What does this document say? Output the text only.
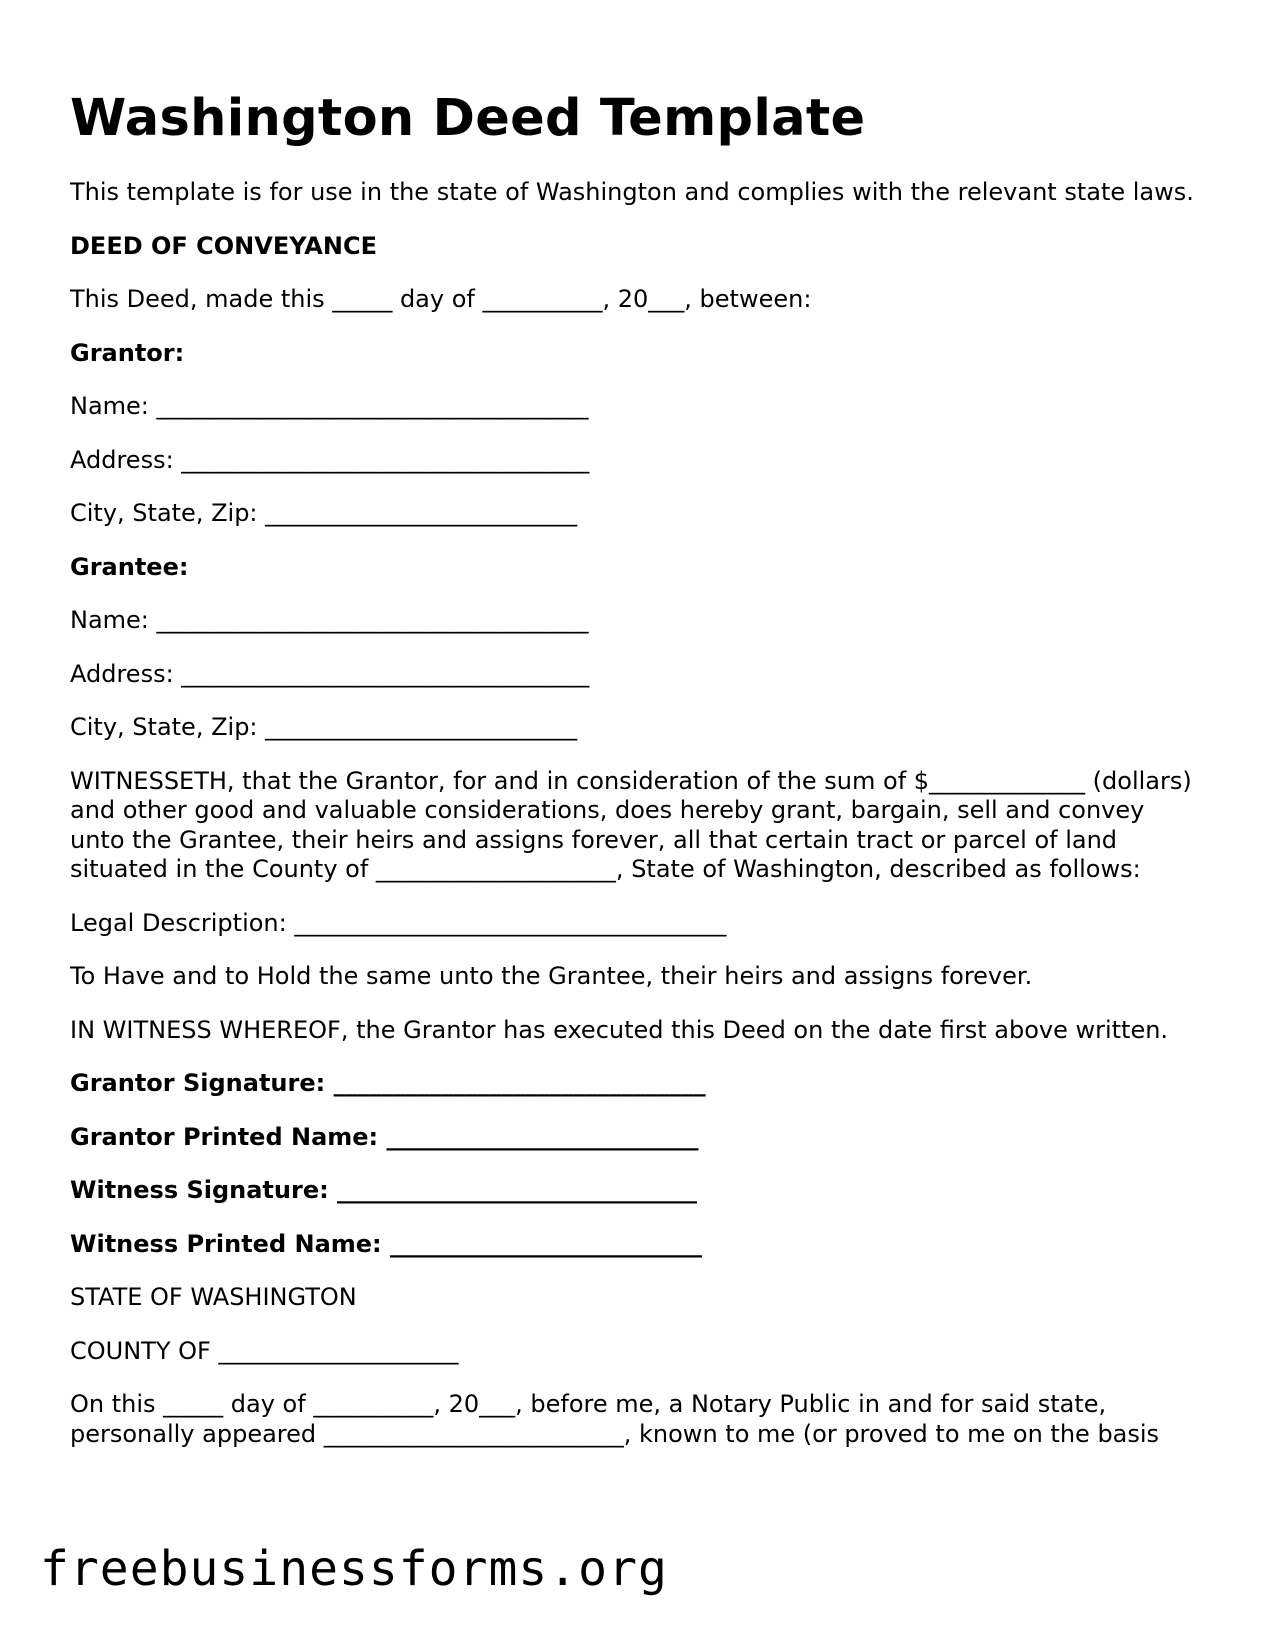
Washington Deed Template

This template is for use in the state of Washington and complies with the relevant state laws.

DEED OF CONVEYANCE

This Deed, made this _____ day of __________, 20___, between:

Grantor:

Name: ____________________________________

Address: __________________________________

City, State, Zip: __________________________

Grantee:

Name: ____________________________________

Address: __________________________________

City, State, Zip: __________________________

WITNESSETH, that the Grantor, for and in consideration of the sum of $_____________ (dollars) and other good and valuable considerations, does hereby grant, bargain, sell and convey unto the Grantee, their heirs and assigns forever, all that certain tract or parcel of land situated in the County of ____________________, State of Washington, described as follows:

Legal Description: ____________________________________

To Have and to Hold the same unto the Grantee, their heirs and assigns forever.

IN WITNESS WHEREOF, the Grantor has executed this Deed on the date first above written.

Grantor Signature: _______________________________

Grantor Printed Name: __________________________

Witness Signature: ______________________________

Witness Printed Name: __________________________

STATE OF WASHINGTON

COUNTY OF ____________________

On this _____ day of __________, 20___, before me, a Notary Public in and for said state, personally appeared _________________________, known to me (or proved to me on the basis

freebusinessforms.org
